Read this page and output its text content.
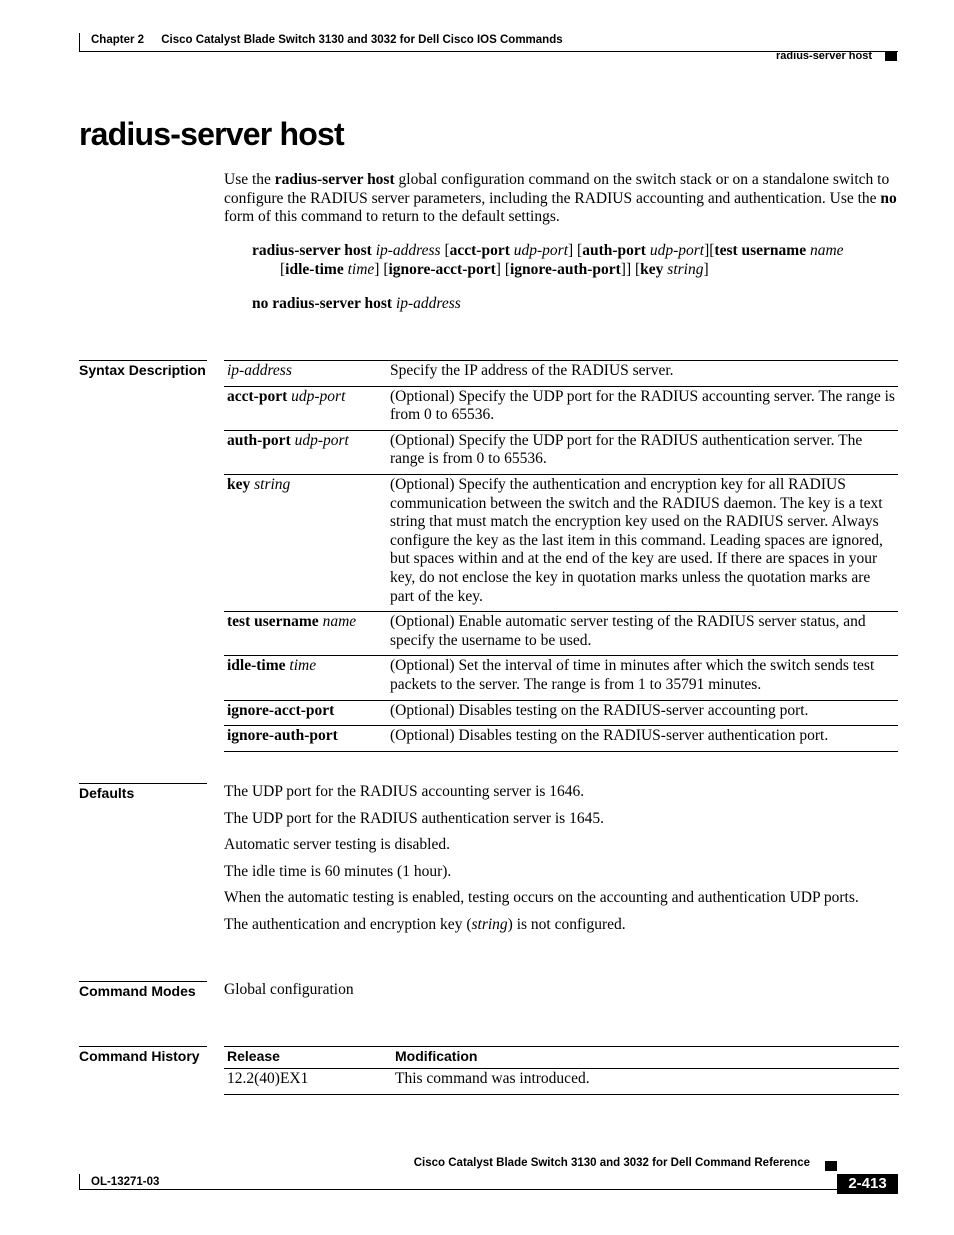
Chapter 2 Cisco Catalyst Blade Switch 3130 and 3032 for Dell Cisco IOS Commands
radius-server host
radius-server host

Use the radius-server host global configuration command on the switch stack or on a standalone switch to configure the RADIUS server parameters, including the RADIUS accounting and authentication. Use the no form of this command to return to the default settings.

radius-server host ip-address [acct-port udp-port] [auth-port udp-port][test username name
[idle-time time] [ignore-acct-port] [ignore-auth-port]] [key string]
no radius-server host ip-address
Syntax Description ip-address	Specify the IP address of the RADIUS server.
acct-port udp-port	(Optional) Specify the UDP port for the RADIUS accounting server. The range is from 0 to 65536.
auth-port udp-port	(Optional) Specify the UDP port for the RADIUS authentication server. The range is from 0 to 65536.
key string	(Optional) Specify the authentication and encryption key for all RADIUS communication between the switch and the RADIUS daemon. The key is a text string that must match the encryption key used on the RADIUS server. Always configure the key as the last item in this command. Leading spaces are ignored, but spaces within and at the end of the key are used. If there are spaces in your key, do not enclose the key in quotation marks unless the quotation marks are part of the key.
test username name	(Optional) Enable automatic server testing of the RADIUS server status, and specify the username to be used.
idle-time time	(Optional) Set the interval of time in minutes after which the switch sends test packets to the server. The range is from 1 to 35791 minutes.
ignore-acct-port	(Optional) Disables testing on the RADIUS-server accounting port.
ignore-auth-port	(Optional) Disables testing on the RADIUS-server authentication port.
Defaults	The UDP port for the RADIUS accounting server is 1646.

The UDP port for the RADIUS authentication server is 1645.

Automatic server testing is disabled.

The idle time is 60 minutes (1 hour).

When the automatic testing is enabled, testing occurs on the accounting and authentication UDP ports.

The authentication and encryption key (string) is not configured.

Command Modes	Global configuration
Command History	Release	Modification
12.2(40)EX1	This command was introduced.
Cisco Catalyst Blade Switch 3130 and 3032 for Dell Command Reference
OL-13271-03	2-413
